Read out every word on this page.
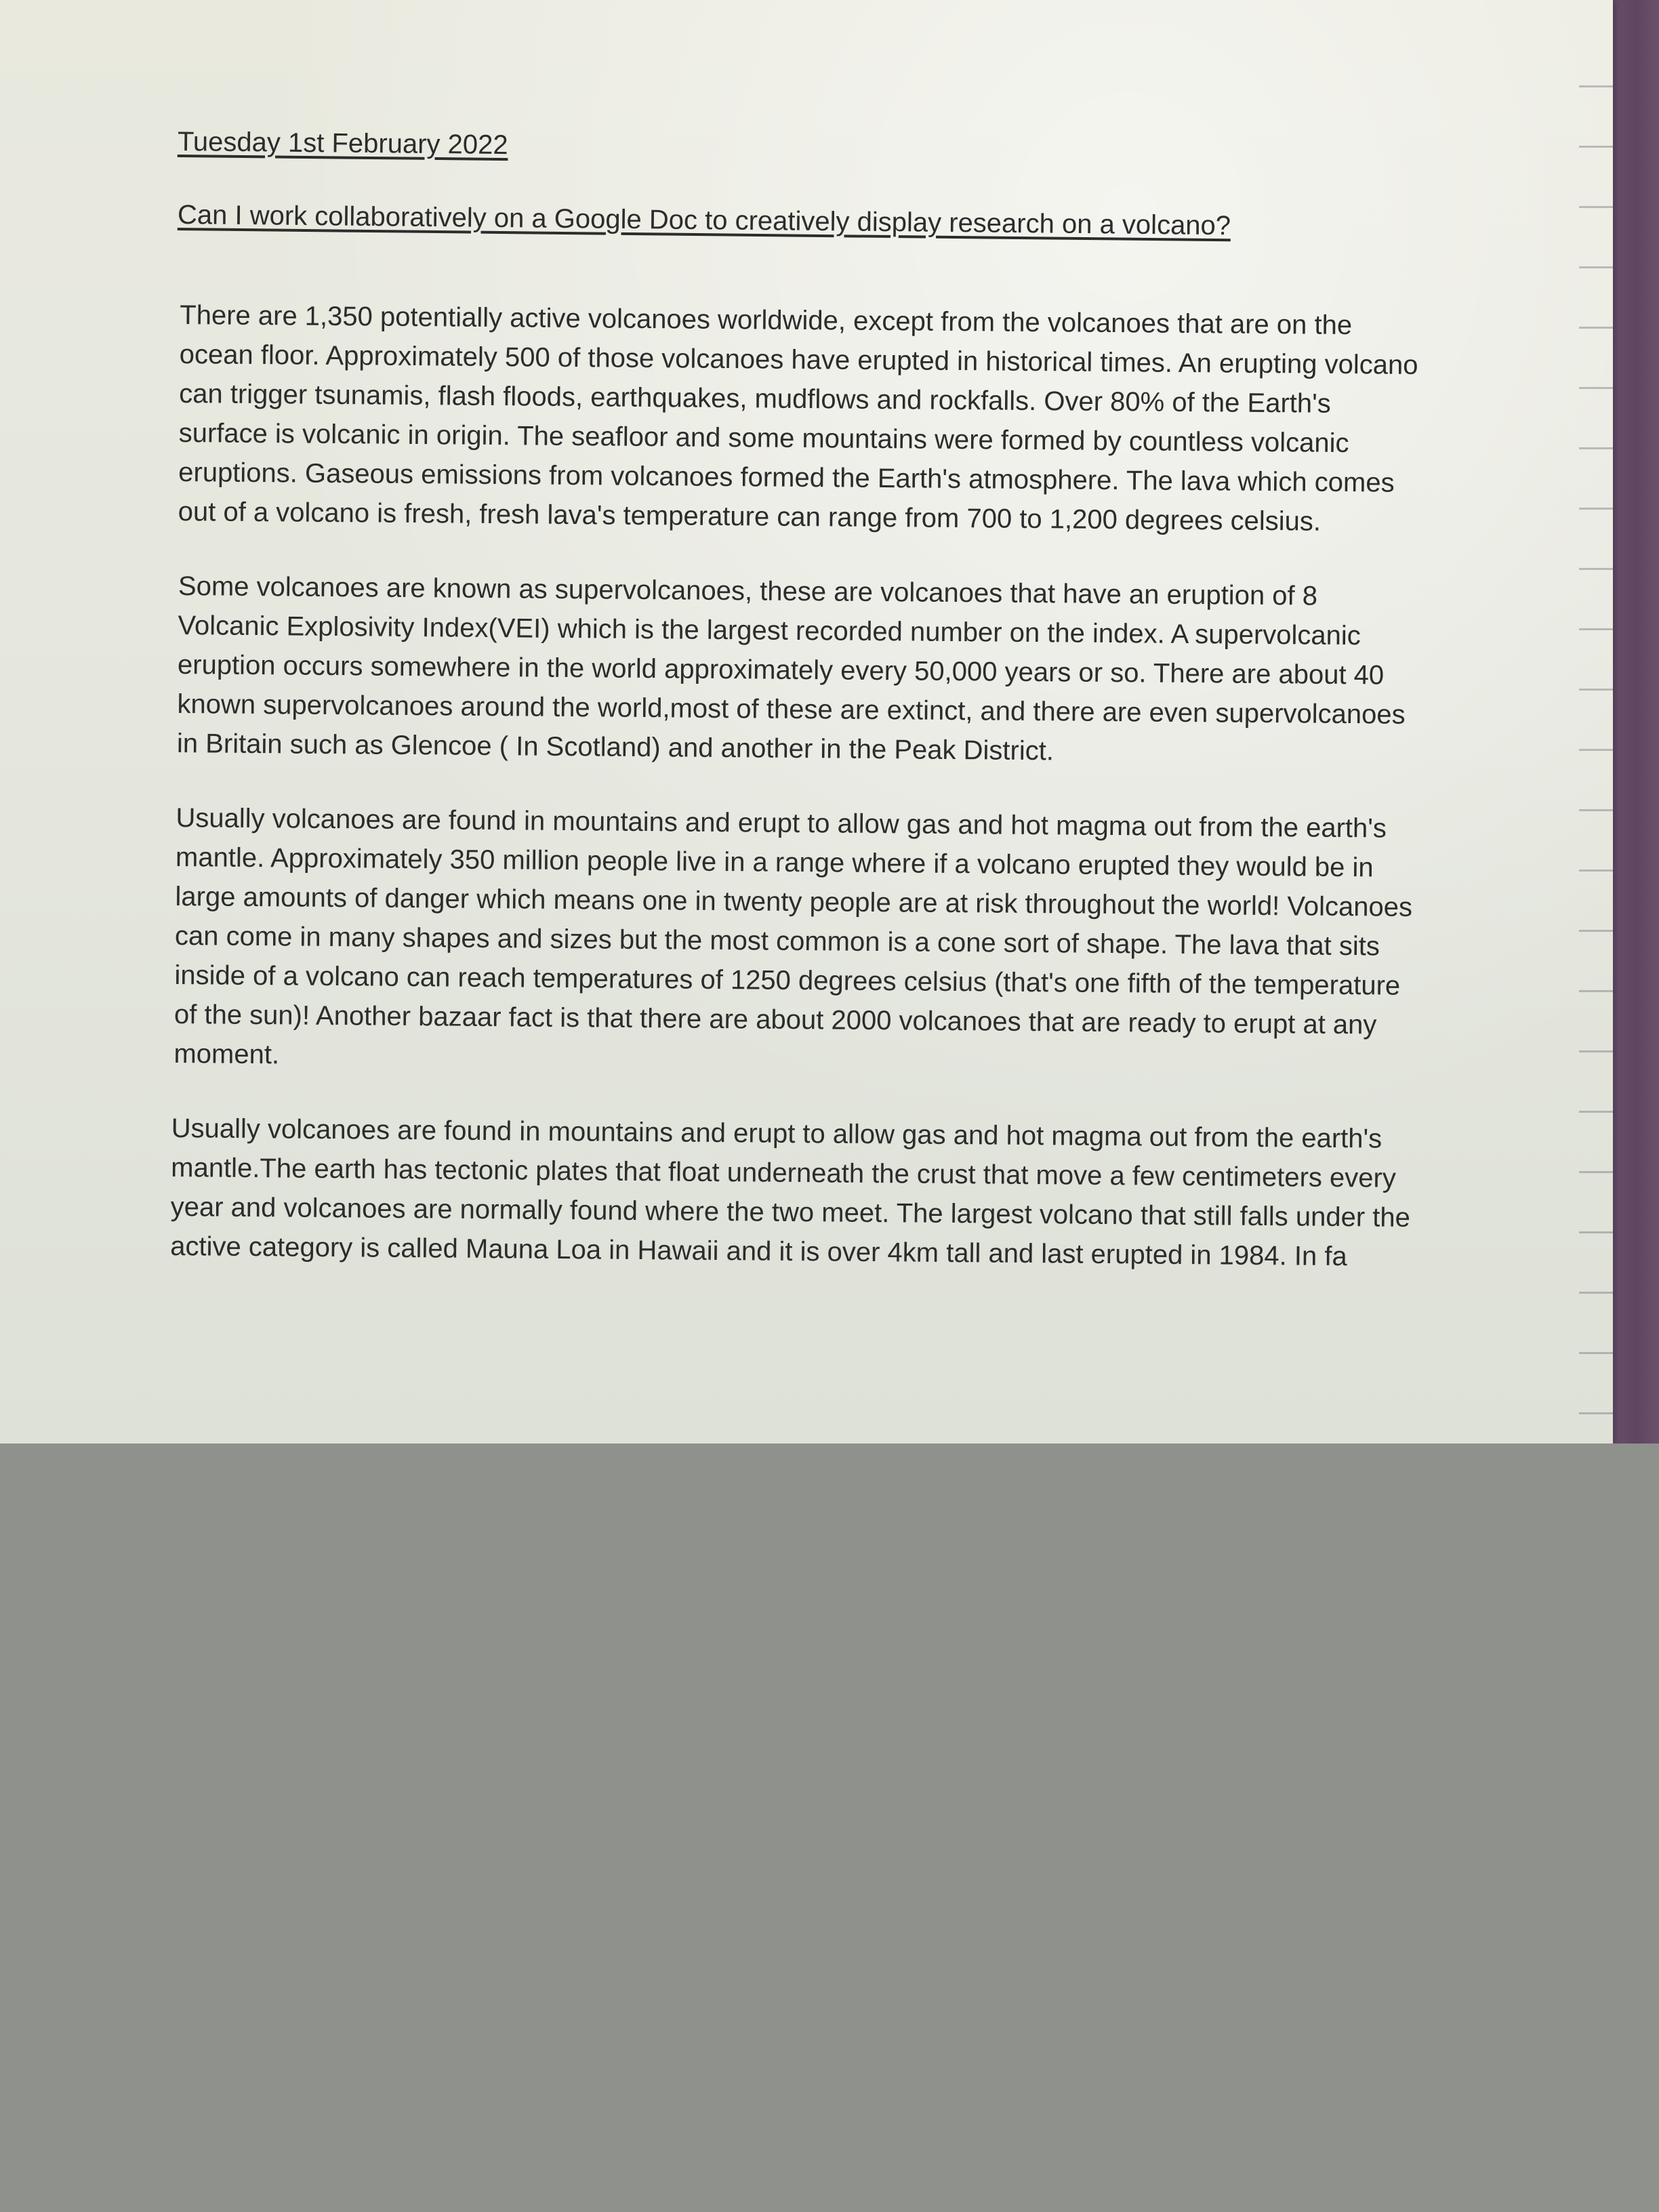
Tuesday 1st February 2022
Can I work collaboratively on a Google Doc to creatively display research on a volcano?
There are 1,350 potentially active volcanoes worldwide, except from the volcanoes that are on the ocean floor. Approximately 500 of those volcanoes have erupted in historical times. An erupting volcano can trigger tsunamis, flash floods, earthquakes, mudflows and rockfalls. Over 80% of the Earth's surface is volcanic in origin. The seafloor and some mountains were formed by countless volcanic eruptions. Gaseous emissions from volcanoes formed the Earth's atmosphere. The lava which comes out of a volcano is fresh, fresh lava's temperature can range from 700 to 1,200 degrees celsius.
Some volcanoes are known as supervolcanoes, these are volcanoes that have an eruption of 8 Volcanic Explosivity Index(VEI) which is the largest recorded number on the index. A supervolcanic eruption occurs somewhere in the world approximately every 50,000 years or so. There are about 40 known supervolcanoes around the world,most of these are extinct, and there are even supervolcanoes in Britain such as Glencoe ( In Scotland) and another in the Peak District.
Usually volcanoes are found in mountains and erupt to allow gas and hot magma out from the earth's mantle. Approximately 350 million people live in a range where if a volcano erupted they would be in large amounts of danger which means one in twenty people are at risk throughout the world! Volcanoes can come in many shapes and sizes but the most common is a cone sort of shape. The lava that sits inside of a volcano can reach temperatures of 1250 degrees celsius (that's one fifth of the temperature of the sun)! Another bazaar fact is that there are about 2000 volcanoes that are ready to erupt at any moment.
Usually volcanoes are found in mountains and erupt to allow gas and hot magma out from the earth's mantle.The earth has tectonic plates that float underneath the crust that move a few centimeters every year and volcanoes are normally found where the two meet. The largest volcano that still falls under the active category is called Mauna Loa in Hawaii and it is over 4km tall and last erupted in 1984. In fa
